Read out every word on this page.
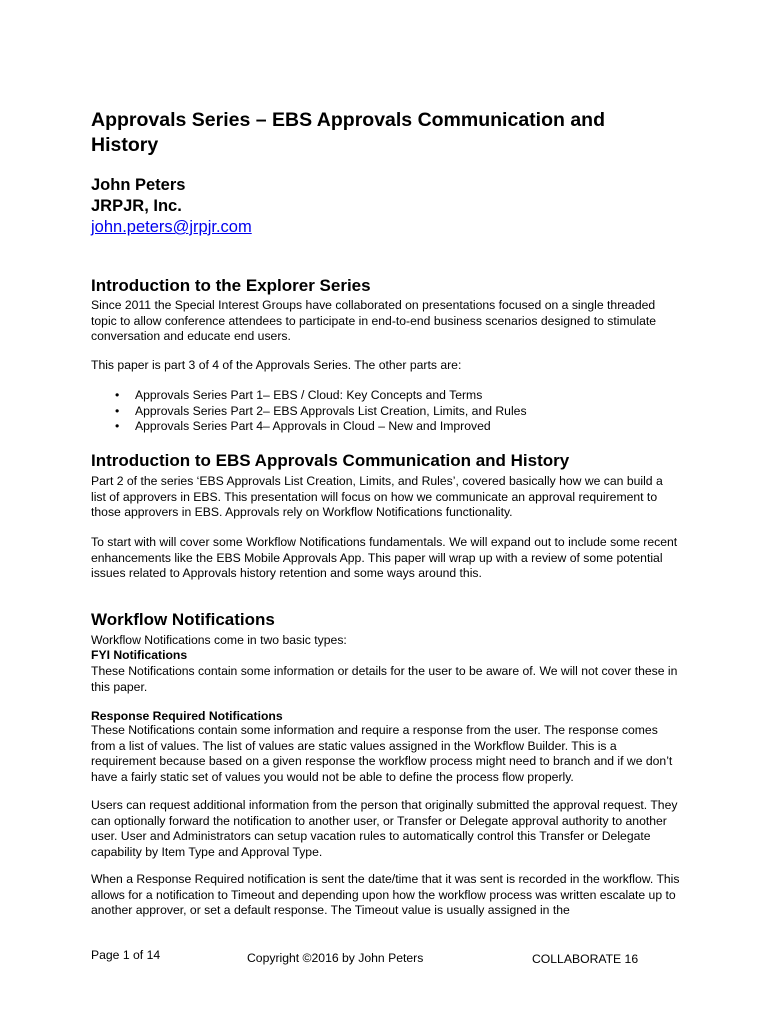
Approvals Series – EBS Approvals Communication and History
John Peters
JRPJR, Inc.
john.peters@jrpjr.com
Introduction to the Explorer Series

Since 2011 the Special Interest Groups have collaborated on presentations focused on a single threaded topic to allow conference attendees to participate in end-to-end business scenarios designed to stimulate conversation and educate end users.

This paper is part 3 of 4 of the Approvals Series. The other parts are:

• Approvals Series Part 1– EBS / Cloud: Key Concepts and Terms
• Approvals Series Part 2– EBS Approvals List Creation, Limits, and Rules
• Approvals Series Part 4– Approvals in Cloud – New and Improved
Introduction to EBS Approvals Communication and History

Part 2 of the series ‘EBS Approvals List Creation, Limits, and Rules’, covered basically how we can build a list of approvers in EBS. This presentation will focus on how we communicate an approval requirement to those approvers in EBS. Approvals rely on Workflow Notifications functionality.

To start with will cover some Workflow Notifications fundamentals. We will expand out to include some recent enhancements like the EBS Mobile Approvals App. This paper will wrap up with a review of some potential issues related to Approvals history retention and some ways around this.

Workflow Notifications

Workflow Notifications come in two basic types:

FYI Notifications

These Notifications contain some information or details for the user to be aware of. We will not cover these in this paper.

Response Required Notifications

These Notifications contain some information and require a response from the user. The response comes from a list of values. The list of values are static values assigned in the Workflow Builder. This is a requirement because based on a given response the workflow process might need to branch and if we don’t have a fairly static set of values you would not be able to define the process flow properly.

Users can request additional information from the person that originally submitted the approval request. They can optionally forward the notification to another user, or Transfer or Delegate approval authority to another user. User and Administrators can setup vacation rules to automatically control this Transfer or Delegate capability by Item Type and Approval Type.

When a Response Required notification is sent the date/time that it was sent is recorded in the workflow. This allows for a notification to Timeout and depending upon how the workflow process was written escalate up to another approver, or set a default response. The Timeout value is usually assigned in the

Page 1 of 14	Copyright ©2016 by John Peters	COLLABORATE 16
